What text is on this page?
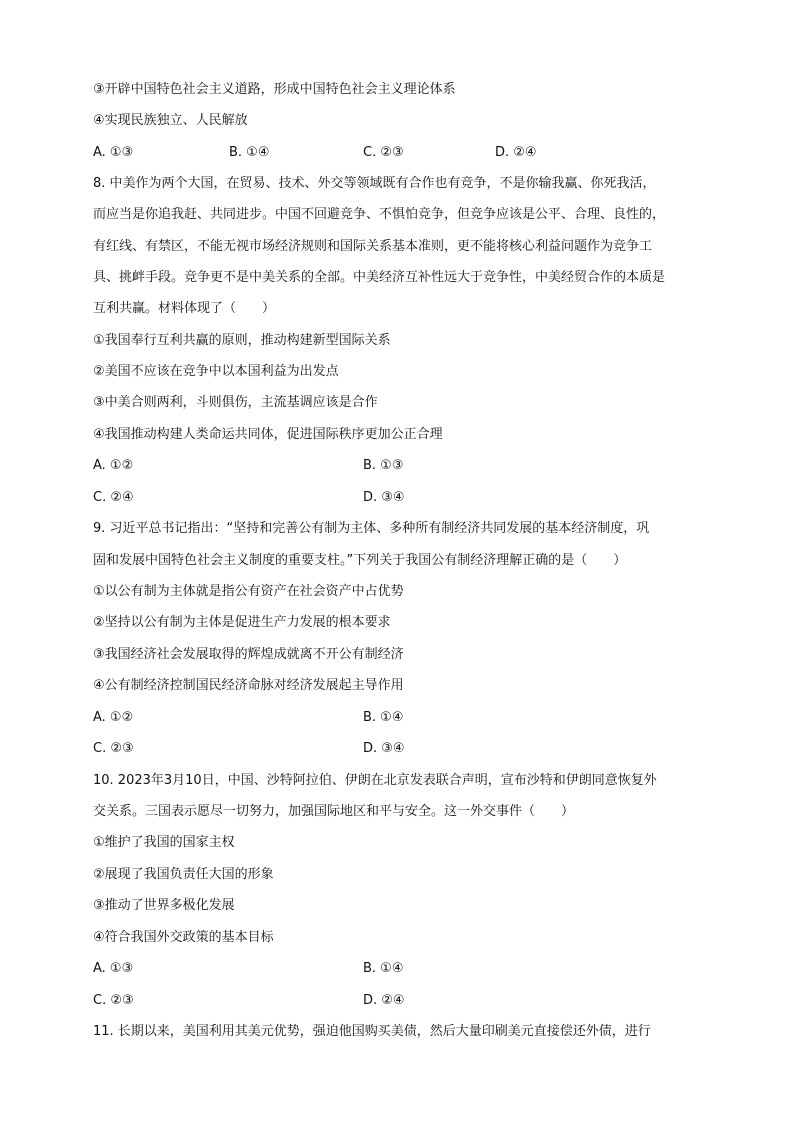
③开辟中国特色社会主义道路，形成中国特色社会主义理论体系
④实现民族独立、人民解放
A. ①③	B. ①④	C. ②③	D. ②④
8. 中美作为两个大国，在贸易、技术、外交等领域既有合作也有竞争，不是你输我赢、你死我活，
而应当是你追我赶、共同进步。中国不回避竞争、不惧怕竞争，但竞争应该是公平、合理、良性的，
有红线、有禁区，不能无视市场经济规则和国际关系基本准则，更不能将核心利益问题作为竞争工
具、挑衅手段。竞争更不是中美关系的全部。中美经济互补性远大于竞争性，中美经贸合作的本质是
互利共赢。材料体现了（　　）
①我国奉行互利共赢的原则，推动构建新型国际关系
②美国不应该在竞争中以本国利益为出发点
③中美合则两利，斗则俱伤，主流基调应该是合作
④我国推动构建人类命运共同体，促进国际秩序更加公正合理
A. ①②	B. ①③
C. ②④	D. ③④
9. 习近平总书记指出：“坚持和完善公有制为主体、多种所有制经济共同发展的基本经济制度，巩
固和发展中国特色社会主义制度的重要支柱。”下列关于我国公有制经济理解正确的是（　　）
①以公有制为主体就是指公有资产在社会资产中占优势
②坚持以公有制为主体是促进生产力发展的根本要求
③我国经济社会发展取得的辉煌成就离不开公有制经济
④公有制经济控制国民经济命脉对经济发展起主导作用
A. ①②	B. ①④
C. ②③	D. ③④
10. 2023年3月10日，中国、沙特阿拉伯、伊朗在北京发表联合声明，宣布沙特和伊朗同意恢复外
交关系。三国表示愿尽一切努力，加强国际地区和平与安全。这一外交事件（　　）
①维护了我国的国家主权
②展现了我国负责任大国的形象
③推动了世界多极化发展
④符合我国外交政策的基本目标
A. ①③	B. ①④
C. ②③	D. ②④
11. 长期以来，美国利用其美元优势，强迫他国购买美债，然后大量印刷美元直接偿还外债，进行
